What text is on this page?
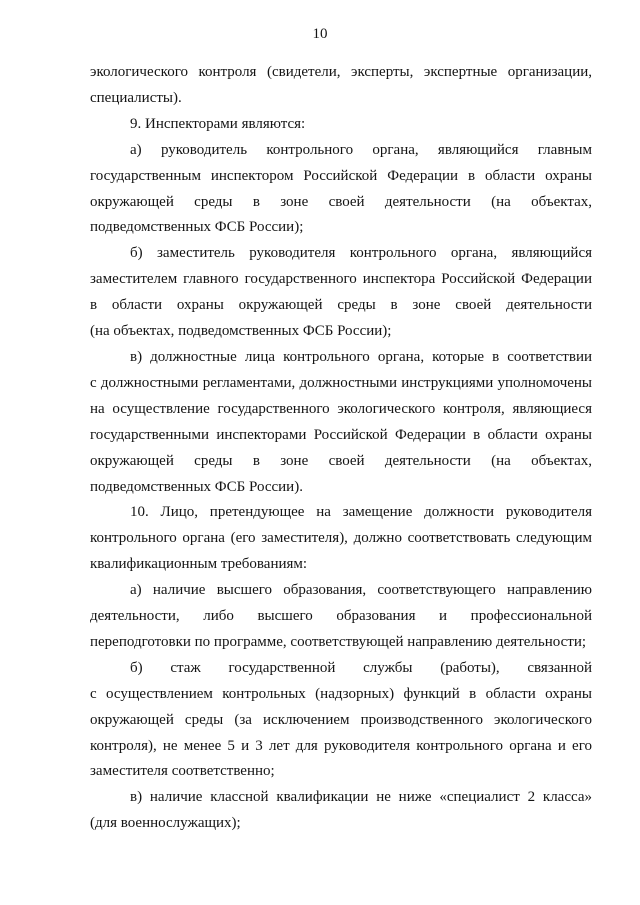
10

экологического контроля (свидетели, эксперты, экспертные организации,
специалисты).

9. Инспекторами являются:

а) руководитель контрольного органа, являющийся главным
государственным инспектором Российской Федерации в области охраны
окружающей среды в зоне своей деятельности (на объектах,
подведомственных ФСБ России);

б) заместитель руководителя контрольного органа, являющийся
заместителем главного государственного инспектора Российской Федерации
в области охраны окружающей среды в зоне своей деятельности
(на объектах, подведомственных ФСБ России);

в) должностные лица контрольного органа, которые в соответствии
с должностными регламентами, должностными инструкциями уполномочены
на осуществление государственного экологического контроля, являющиеся
государственными инспекторами Российской Федерации в области охраны
окружающей среды в зоне своей деятельности (на объектах,
подведомственных ФСБ России).

10. Лицо, претендующее на замещение должности руководителя
контрольного органа (его заместителя), должно соответствовать следующим
квалификационным требованиям:

а) наличие высшего образования, соответствующего направлению
деятельности, либо высшего образования и профессиональной
переподготовки по программе, соответствующей направлению деятельности;

б) стаж государственной службы (работы), связанной
с осуществлением контрольных (надзорных) функций в области охраны
окружающей среды (за исключением производственного экологического
контроля), не менее 5 и 3 лет для руководителя контрольного органа и его
заместителя соответственно;

в) наличие классной квалификации не ниже «специалист 2 класса»
(для военнослужащих);
